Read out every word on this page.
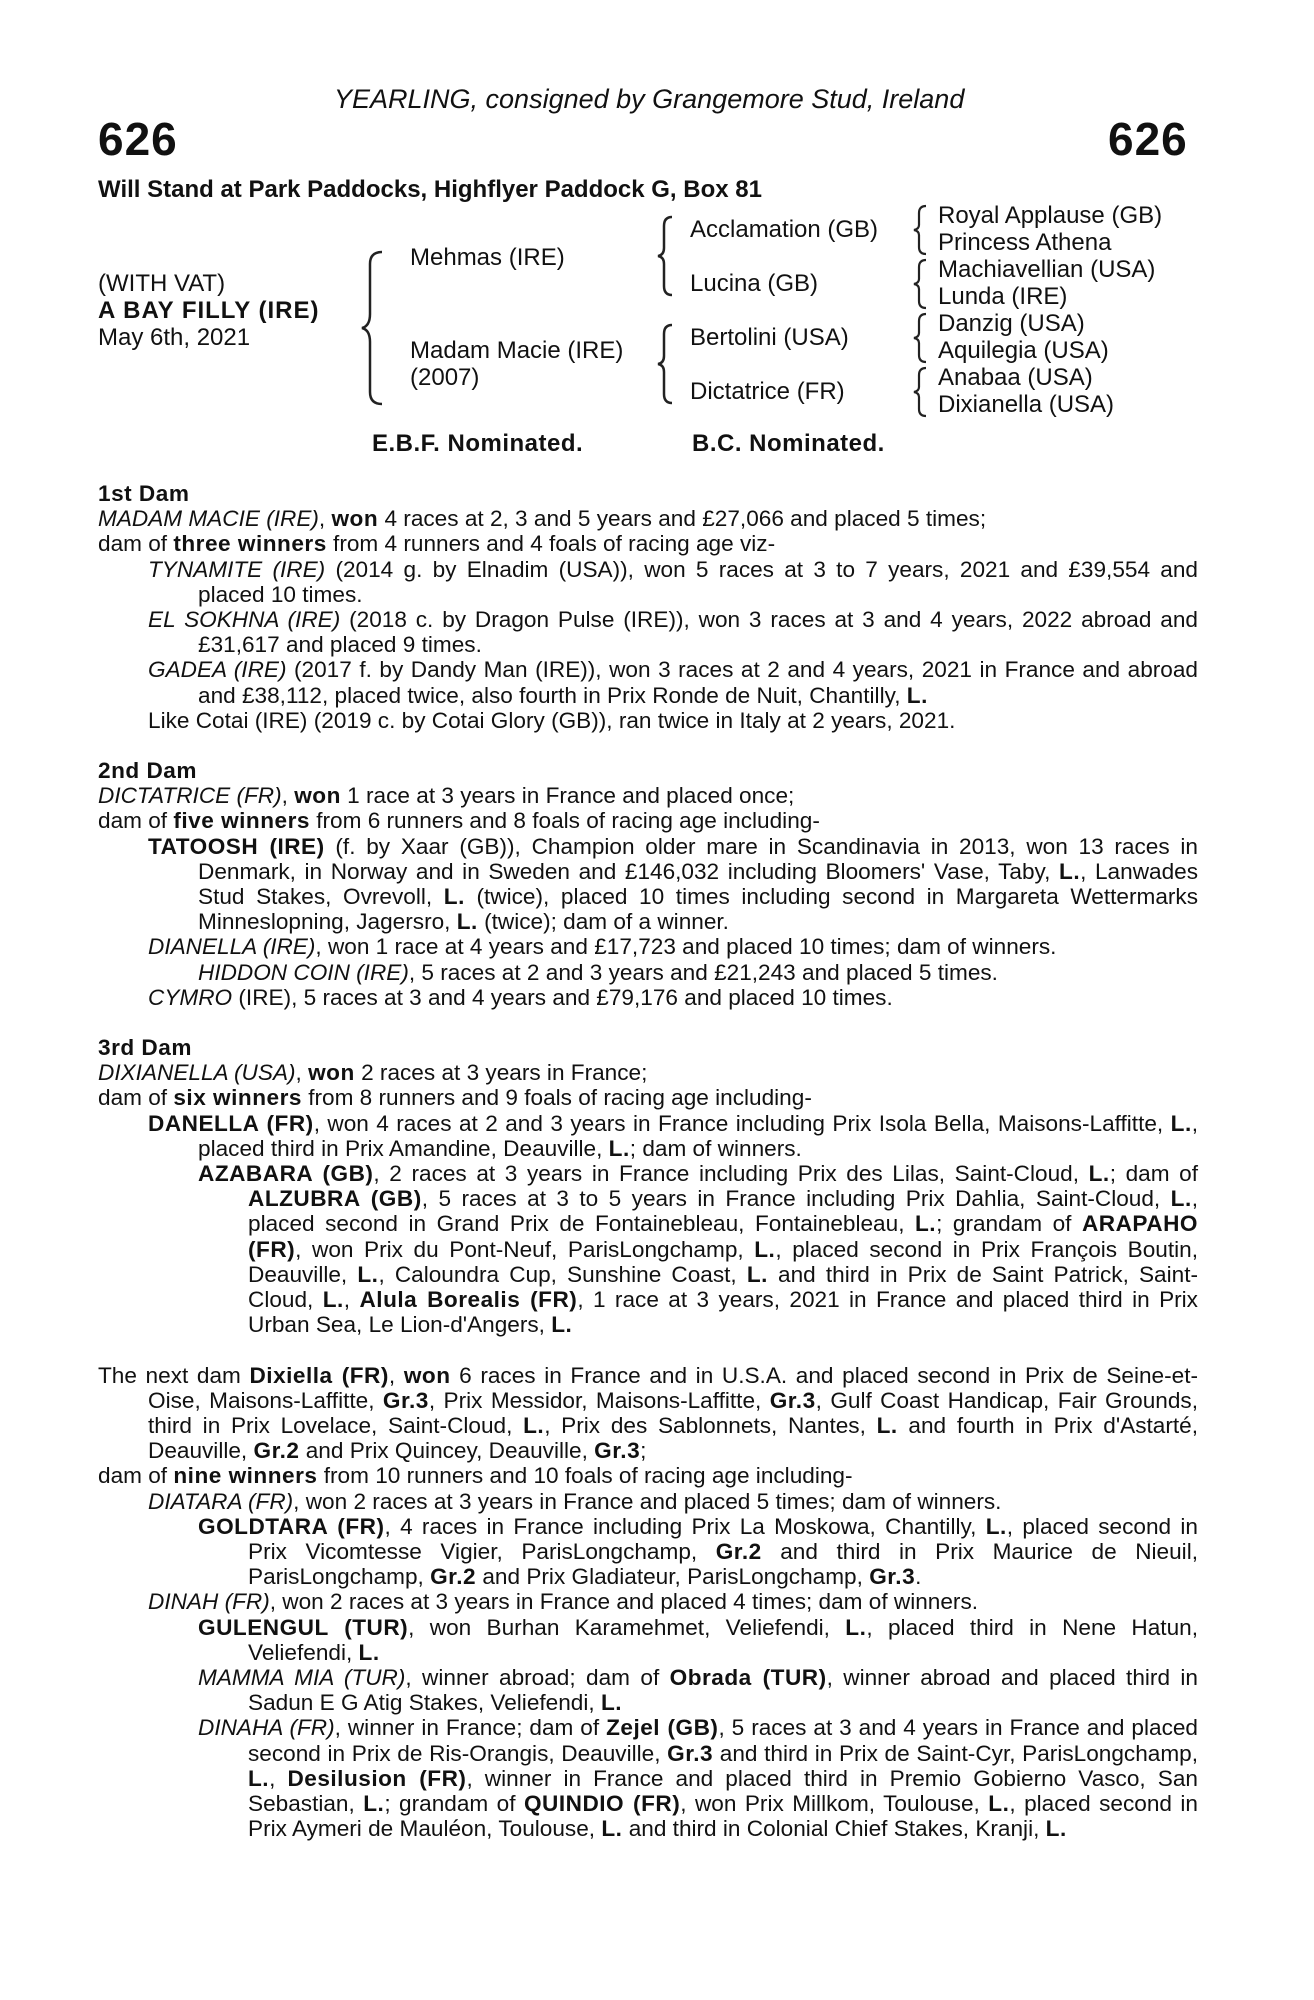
YEARLING, consigned by Grangemore Stud, Ireland
626	626
Will Stand at Park Paddocks, Highflyer Paddock G, Box 81
(WITH VAT)
A BAY FILLY (IRE)
May 6th, 2021
Mehmas (IRE)
Madam Macie (IRE)
(2007)
Acclamation (GB)
Lucina (GB)
Bertolini (USA)
Dictatrice (FR)
Royal Applause (GB)
Princess Athena
Machiavellian (USA)
Lunda (IRE)
Danzig (USA)
Aquilegia (USA)
Anabaa (USA)
Dixianella (USA)
E.B.F. Nominated.	B.C. Nominated.
1st Dam
MADAM MACIE (IRE), won 4 races at 2, 3 and 5 years and £27,066 and placed 5 times;
dam of three winners from 4 runners and 4 foals of racing age viz-
TYNAMITE (IRE) (2014 g. by Elnadim (USA)), won 5 races at 3 to 7 years, 2021 and £39,554 and placed 10 times.
EL SOKHNA (IRE) (2018 c. by Dragon Pulse (IRE)), won 3 races at 3 and 4 years, 2022 abroad and £31,617 and placed 9 times.
GADEA (IRE) (2017 f. by Dandy Man (IRE)), won 3 races at 2 and 4 years, 2021 in France and abroad and £38,112, placed twice, also fourth in Prix Ronde de Nuit, Chantilly, L.
Like Cotai (IRE) (2019 c. by Cotai Glory (GB)), ran twice in Italy at 2 years, 2021.
2nd Dam
DICTATRICE (FR), won 1 race at 3 years in France and placed once;
dam of five winners from 6 runners and 8 foals of racing age including-
TATOOSH (IRE) (f. by Xaar (GB)), Champion older mare in Scandinavia in 2013, won 13 races in Denmark, in Norway and in Sweden and £146,032 including Bloomers' Vase, Taby, L., Lanwades Stud Stakes, Ovrevoll, L. (twice), placed 10 times including second in Margareta Wettermarks Minneslopning, Jagersro, L. (twice); dam of a winner.
DIANELLA (IRE), won 1 race at 4 years and £17,723 and placed 10 times; dam of winners.
HIDDON COIN (IRE), 5 races at 2 and 3 years and £21,243 and placed 5 times.
CYMRO (IRE), 5 races at 3 and 4 years and £79,176 and placed 10 times.
3rd Dam
DIXIANELLA (USA), won 2 races at 3 years in France;
dam of six winners from 8 runners and 9 foals of racing age including-
DANELLA (FR), won 4 races at 2 and 3 years in France including Prix Isola Bella, Maisons-Laffitte, L., placed third in Prix Amandine, Deauville, L.; dam of winners.
AZABARA (GB), 2 races at 3 years in France including Prix des Lilas, Saint-Cloud, L.; dam of ALZUBRA (GB), 5 races at 3 to 5 years in France including Prix Dahlia, Saint-Cloud, L., placed second in Grand Prix de Fontainebleau, Fontainebleau, L.; grandam of ARAPAHO (FR), won Prix du Pont-Neuf, ParisLongchamp, L., placed second in Prix François Boutin, Deauville, L., Caloundra Cup, Sunshine Coast, L. and third in Prix de Saint Patrick, Saint-Cloud, L., Alula Borealis (FR), 1 race at 3 years, 2021 in France and placed third in Prix Urban Sea, Le Lion-d'Angers, L.
The next dam Dixiella (FR), won 6 races in France and in U.S.A. and placed second in Prix de Seine-et-Oise, Maisons-Laffitte, Gr.3, Prix Messidor, Maisons-Laffitte, Gr.3, Gulf Coast Handicap, Fair Grounds, third in Prix Lovelace, Saint-Cloud, L., Prix des Sablonnets, Nantes, L. and fourth in Prix d'Astarté, Deauville, Gr.2 and Prix Quincey, Deauville, Gr.3;
dam of nine winners from 10 runners and 10 foals of racing age including-
DIATARA (FR), won 2 races at 3 years in France and placed 5 times; dam of winners.
GOLDTARA (FR), 4 races in France including Prix La Moskowa, Chantilly, L., placed second in Prix Vicomtesse Vigier, ParisLongchamp, Gr.2 and third in Prix Maurice de Nieuil, ParisLongchamp, Gr.2 and Prix Gladiateur, ParisLongchamp, Gr.3.
DINAH (FR), won 2 races at 3 years in France and placed 4 times; dam of winners.
GULENGUL (TUR), won Burhan Karamehmet, Veliefendi, L., placed third in Nene Hatun, Veliefendi, L.
MAMMA MIA (TUR), winner abroad; dam of Obrada (TUR), winner abroad and placed third in Sadun E G Atig Stakes, Veliefendi, L.
DINAHA (FR), winner in France; dam of Zejel (GB), 5 races at 3 and 4 years in France and placed second in Prix de Ris-Orangis, Deauville, Gr.3 and third in Prix de Saint-Cyr, ParisLongchamp, L., Desilusion (FR), winner in France and placed third in Premio Gobierno Vasco, San Sebastian, L.; grandam of QUINDIO (FR), won Prix Millkom, Toulouse, L., placed second in Prix Aymeri de Mauléon, Toulouse, L. and third in Colonial Chief Stakes, Kranji, L.
